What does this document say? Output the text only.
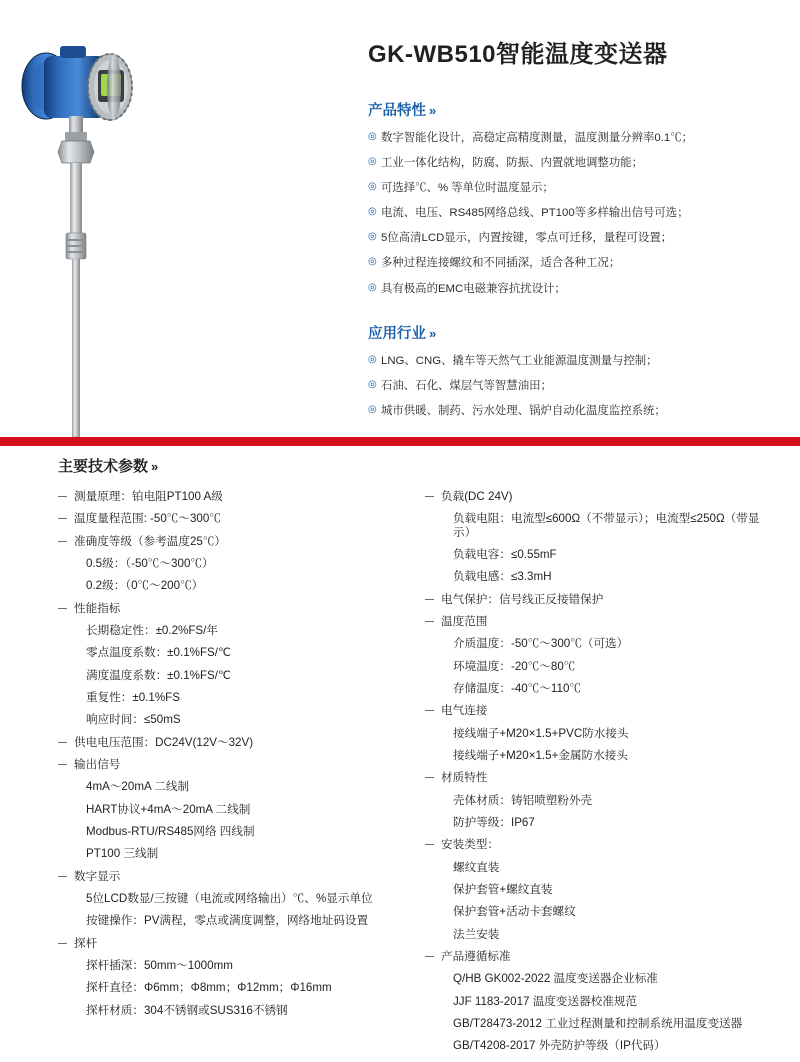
GK-WB510智能温度变送器
产品特性 »
◎ 数字智能化设计，高稳定高精度测量，温度测量分辨率0.1℃；
◎ 工业一体化结构，防腐、防振、内置就地调整功能；
◎ 可选择℃、% 等单位时温度显示；
◎ 电流、电压、RS485网络总线、PT100等多样输出信号可选；
◎ 5位高清LCD显示，内置按键，零点可迁移，量程可设置；
◎ 多种过程连接螺纹和不同插深，适合各种工况；
◎ 具有极高的EMC电磁兼容抗扰设计；
应用行业 »
◎ LNG、CNG、撬车等天然气工业能源温度测量与控制；
◎ 石油、石化、煤层气等智慧油田；
◎ 城市供暖、制药、污水处理、锅炉自动化温度监控系统；
主要技术参数 »
测量原理：铂电阻PT100 A级
温度量程范围: -50℃～300℃
准确度等级（参考温度25℃）
0.5级：（-50℃～300℃）
0.2级：（0℃～200℃）
性能指标
长期稳定性：±0.2%FS/年
零点温度系数：±0.1%FS/℃
满度温度系数：±0.1%FS/℃
重复性：±0.1%FS
响应时间：≤50mS
供电电压范围：DC24V(12V～32V)
输出信号
4mA～20mA 二线制
HART协议+4mA～20mA 二线制
Modbus-RTU/RS485网络 四线制
PT100 三线制
数字显示
5位LCD数显/三按键（电流或网络输出）℃、%显示单位
按键操作：PV满程，零点或满度调整，网络地址码设置
探杆
探杆插深：50mm～1000mm
探杆直径：Φ6mm；Φ8mm；Φ12mm；Φ16mm
探杆材质：304不锈钢或SUS316不锈钢
负载(DC 24V)
负载电阻：电流型≤600Ω（不带显示）；电流型≤250Ω（带显示）
负载电容：≤0.55mF
负载电感：≤3.3mH
电气保护：信号线正反接错保护
温度范围
介质温度：-50℃～300℃（可选）
环境温度：-20℃～80℃
存储温度：-40℃～110℃
电气连接
接线端子+M20×1.5+PVC防水接头
接线端子+M20×1.5+金属防水接头
材质特性
壳体材质：铸铝喷塑粉外壳
防护等级：IP67
安装类型：
螺纹直装
保护套管+螺纹直装
保护套管+活动卡套螺纹
法兰安装
产品遵循标准
Q/HB GK002-2022 温度变送器企业标准
JJF 1183-2017 温度变送器校准规范
GB/T28473-2012 工业过程测量和控制系统用温度变送器
GB/T4208-2017 外壳防护等级（IP代码）
